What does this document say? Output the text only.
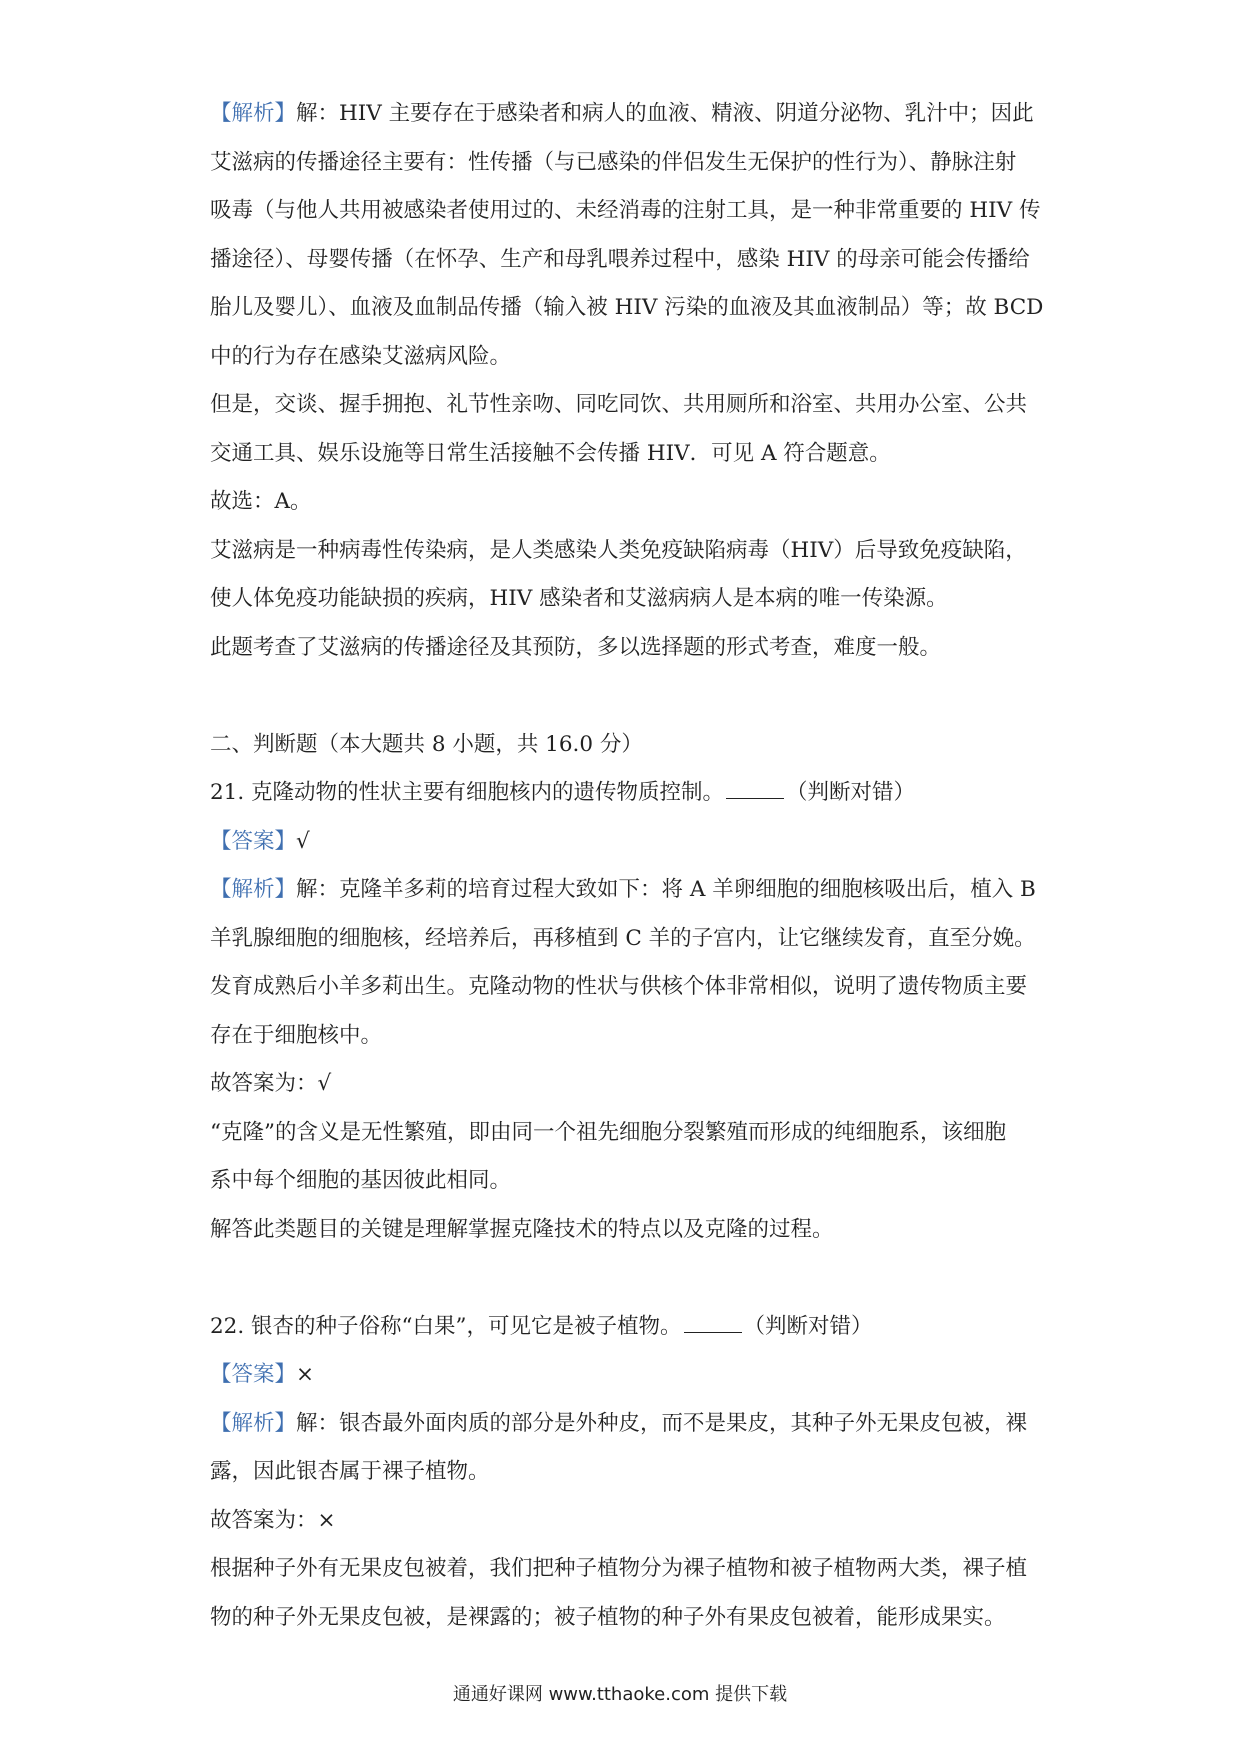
【解析】解：HIV 主要存在于感染者和病人的血液、精液、阴道分泌物、乳汁中；因此
艾滋病的传播途径主要有：性传播（与已感染的伴侣发生无保护的性行为）、静脉注射
吸毒（与他人共用被感染者使用过的、未经消毒的注射工具，是一种非常重要的 HIV 传
播途径）、母婴传播（在怀孕、生产和母乳喂养过程中，感染 HIV 的母亲可能会传播给
胎儿及婴儿）、血液及血制品传播（输入被 HIV 污染的血液及其血液制品）等；故 BCD
中的行为存在感染艾滋病风险。
但是，交谈、握手拥抱、礼节性亲吻、同吃同饮、共用厕所和浴室、共用办公室、公共
交通工具、娱乐设施等日常生活接触不会传播 HIV．可见 A 符合题意。
故选：A。
艾滋病是一种病毒性传染病，是人类感染人类免疫缺陷病毒（HIV）后导致免疫缺陷，
使人体免疫功能缺损的疾病，HIV 感染者和艾滋病病人是本病的唯一传染源。
此题考查了艾滋病的传播途径及其预防，多以选择题的形式考查，难度一般。
二、判断题（本大题共 8 小题，共 16.0 分）
21. 克隆动物的性状主要有细胞核内的遗传物质控制。	（判断对错）
【答案】√
【解析】解：克隆羊多莉的培育过程大致如下：将 A 羊卵细胞的细胞核吸出后，植入 B
羊乳腺细胞的细胞核，经培养后，再移植到 C 羊的子宫内，让它继续发育，直至分娩。
发育成熟后小羊多莉出生。克隆动物的性状与供核个体非常相似，说明了遗传物质主要
存在于细胞核中。
故答案为：√
“克隆”的含义是无性繁殖，即由同一个祖先细胞分裂繁殖而形成的纯细胞系，该细胞
系中每个细胞的基因彼此相同。
解答此类题目的关键是理解掌握克隆技术的特点以及克隆的过程。
22. 银杏的种子俗称“白果”，可见它是被子植物。	（判断对错）
【答案】×
【解析】解：银杏最外面肉质的部分是外种皮，而不是果皮，其种子外无果皮包被，裸
露，因此银杏属于裸子植物。
故答案为：×
根据种子外有无果皮包被着，我们把种子植物分为裸子植物和被子植物两大类，裸子植
物的种子外无果皮包被，是裸露的；被子植物的种子外有果皮包被着，能形成果实。
通通好课网 www.tthaoke.com 提供下载
